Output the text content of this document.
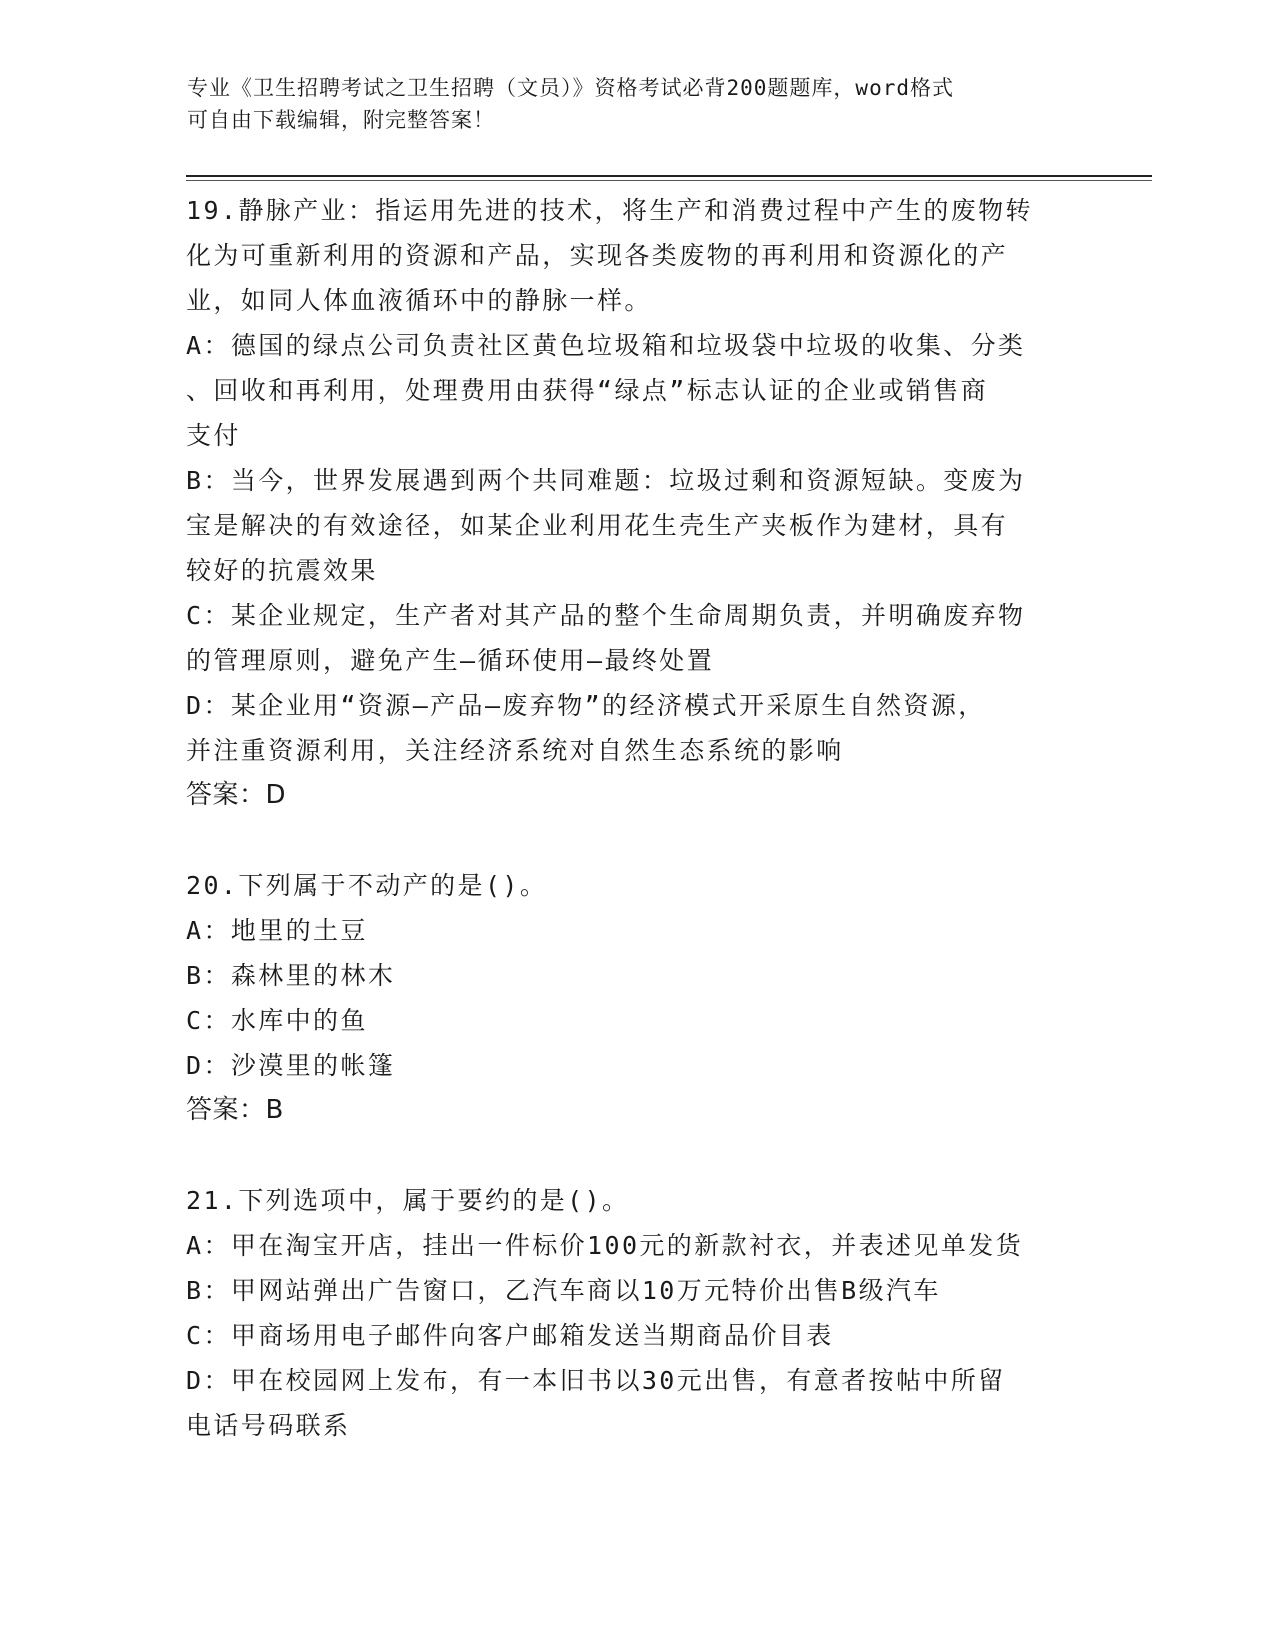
专业《卫生招聘考试之卫生招聘（文员）》资格考试必背200题题库，word格式
可自由下载编辑，附完整答案！
19.静脉产业：指运用先进的技术，将生产和消费过程中产生的废物转
化为可重新利用的资源和产品，实现各类废物的再利用和资源化的产
业，如同人体血液循环中的静脉一样。
A：德国的绿点公司负责社区黄色垃圾箱和垃圾袋中垃圾的收集、分类
、回收和再利用，处理费用由获得“绿点”标志认证的企业或销售商
支付
B：当今，世界发展遇到两个共同难题：垃圾过剩和资源短缺。变废为
宝是解决的有效途径，如某企业利用花生壳生产夹板作为建材，具有
较好的抗震效果
C：某企业规定，生产者对其产品的整个生命周期负责，并明确废弃物
的管理原则，避免产生—循环使用—最终处置
D：某企业用“资源—产品—废弃物”的经济模式开采原生自然资源，
并注重资源利用，关注经济系统对自然生态系统的影响
答案：D
20.下列属于不动产的是()。
A：地里的土豆
B：森林里的林木
C：水库中的鱼
D：沙漠里的帐篷
答案：B
21.下列选项中，属于要约的是()。
A：甲在淘宝开店，挂出一件标价100元的新款衬衣，并表述见单发货
B：甲网站弹出广告窗口，乙汽车商以10万元特价出售B级汽车
C：甲商场用电子邮件向客户邮箱发送当期商品价目表
D：甲在校园网上发布，有一本旧书以30元出售，有意者按帖中所留
电话号码联系
